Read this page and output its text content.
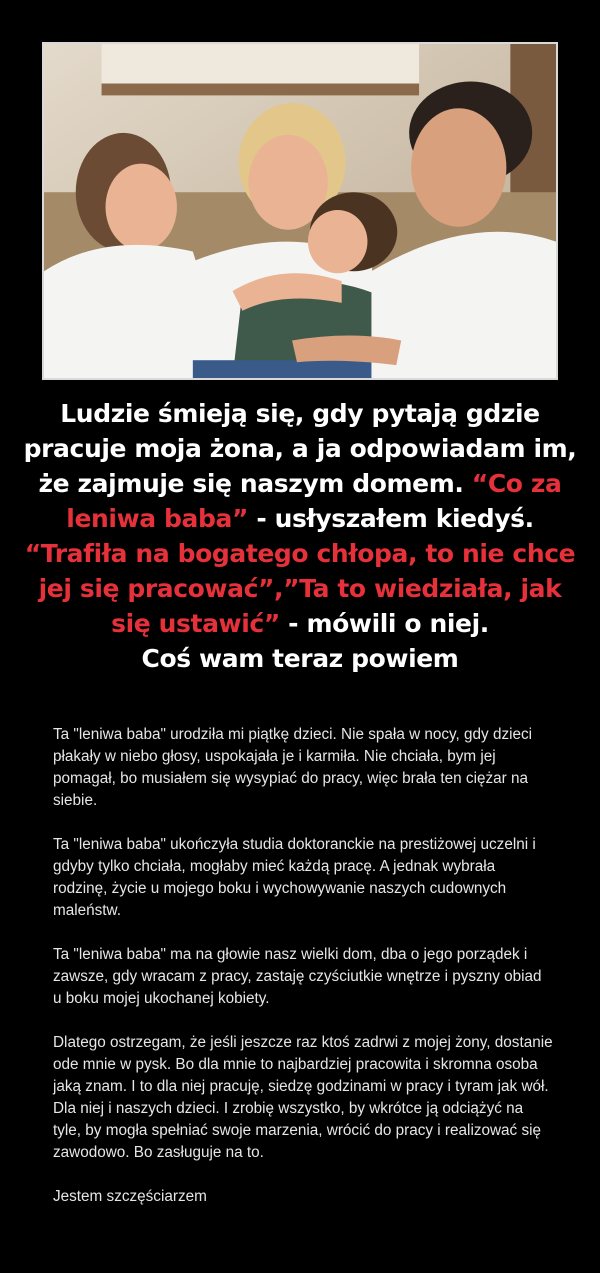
Ludzie śmieją się, gdy pytają gdzie pracuje moja żona, a ja odpowiadam im, że zajmuje się naszym domem. “Co za leniwa baba” - usłyszałem kiedyś. “Trafiła na bogatego chłopa, to nie chce jej się pracować”,”Ta to wiedziała, jak się ustawić” - mówili o niej.
Coś wam teraz powiem

Ta "leniwa baba" urodziła mi piątkę dzieci. Nie spała w nocy, gdy dzieci płakały w niebo głosy, uspokajała je i karmiła. Nie chciała, bym jej pomagał, bo musiałem się wysypiać do pracy, więc brała ten ciężar na siebie.

Ta "leniwa baba" ukończyła studia doktoranckie na prestiżowej uczelni i gdyby tylko chciała, mogłaby mieć każdą pracę. A jednak wybrała rodzinę, życie u mojego boku i wychowywanie naszych cudownych maleństw.

Ta "leniwa baba" ma na głowie nasz wielki dom, dba o jego porządek i zawsze, gdy wracam z pracy, zastaję czyściutkie wnętrze i pyszny obiad u boku mojej ukochanej kobiety.

Dlatego ostrzegam, że jeśli jeszcze raz ktoś zadrwi z mojej żony, dostanie ode mnie w pysk. Bo dla mnie to najbardziej pracowita i skromna osoba jaką znam. I to dla niej pracuję, siedzę godzinami w pracy i tyram jak wół. Dla niej i naszych dzieci. I zrobię wszystko, by wkrótce ją odciążyć na tyle, by mogła spełniać swoje marzenia, wrócić do pracy i realizować się zawodowo. Bo zasługuje na to.

Jestem szczęściarzem
